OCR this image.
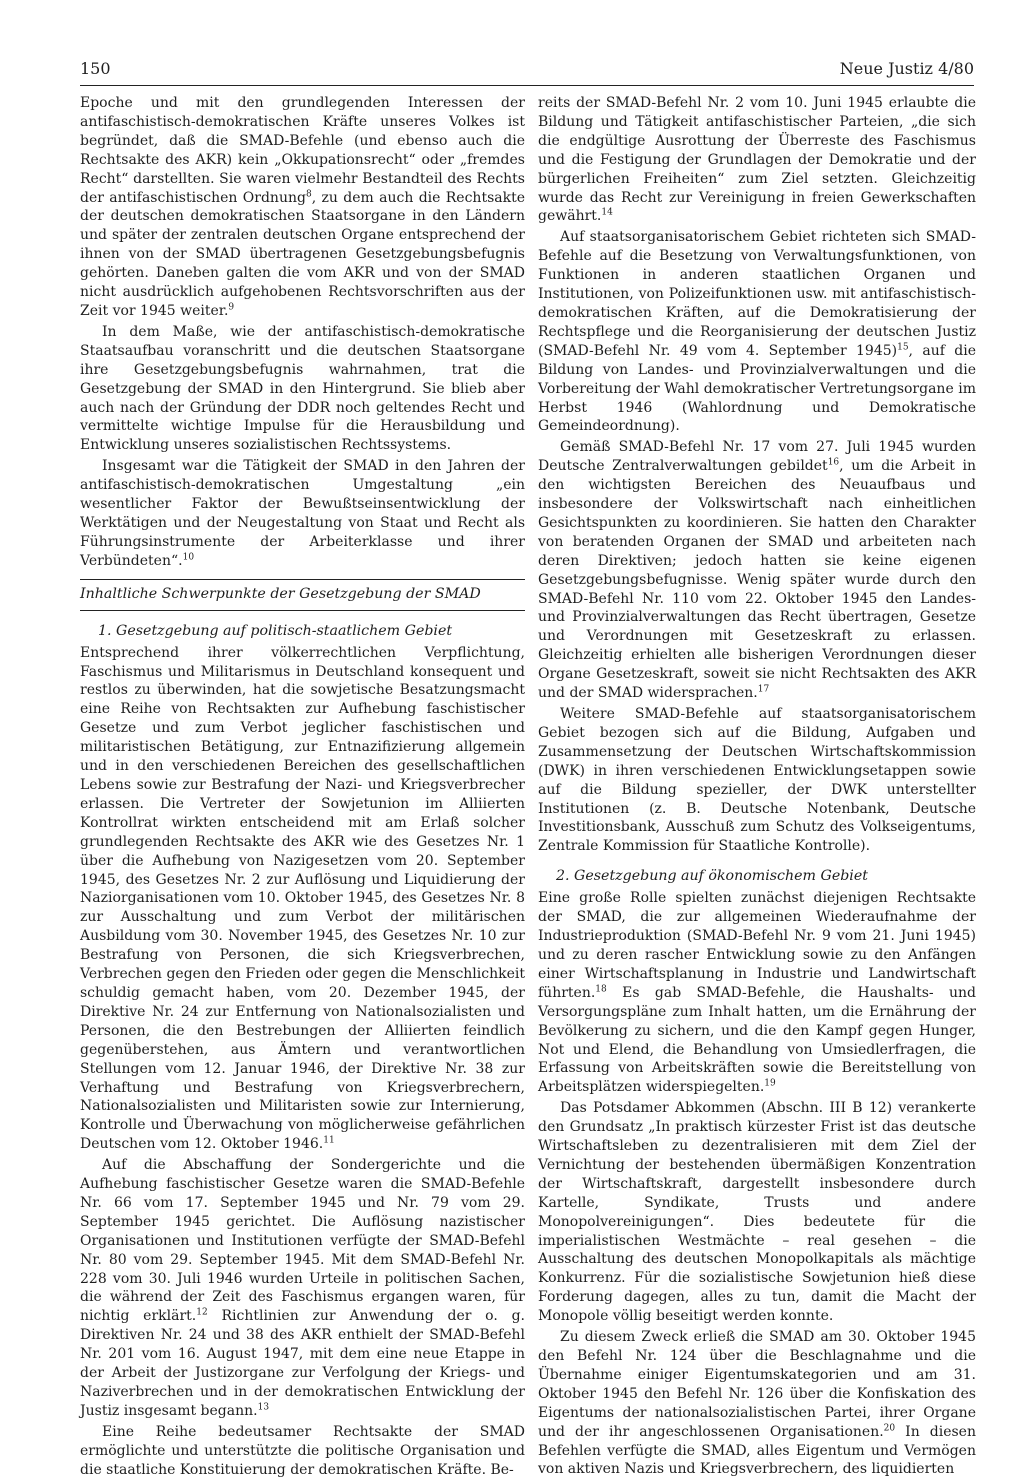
150	Neue Justiz 4/80

Epoche und mit den grundlegenden Interessen der antifaschistisch-demokratischen Kräfte unseres Volkes ist begründet, daß die SMAD-Befehle (und ebenso auch die Rechtsakte des AKR) kein „Okkupationsrecht“ oder „fremdes Recht“ darstellten. Sie waren vielmehr Bestandteil des Rechts der antifaschistischen Ordnung$^8$, zu dem auch die Rechtsakte der deutschen demokratischen Staatsorgane in den Ländern und später der zentralen deutschen Organe entsprechend der ihnen von der SMAD übertragenen Gesetzgebungsbefugnis gehörten. Daneben galten die vom AKR und von der SMAD nicht ausdrücklich aufgehobenen Rechtsvorschriften aus der Zeit vor 1945 weiter.$^9$

In dem Maße, wie der antifaschistisch-demokratische Staatsaufbau voranschritt und die deutschen Staatsorgane ihre Gesetzgebungsbefugnis wahrnahmen, trat die Gesetzgebung der SMAD in den Hintergrund. Sie blieb aber auch nach der Gründung der DDR noch geltendes Recht und vermittelte wichtige Impulse für die Herausbildung und Entwicklung unseres sozialistischen Rechtssystems.

Insgesamt war die Tätigkeit der SMAD in den Jahren der antifaschistisch-demokratischen Umgestaltung „ein wesentlicher Faktor der Bewußtseinsentwicklung der Werktätigen und der Neugestaltung von Staat und Recht als Führungsinstrumente der Arbeiterklasse und ihrer Verbündeten“.$^{10}$

Inhaltliche Schwerpunkte der Gesetzgebung der SMAD
1. Gesetzgebung auf politisch-staatlichem Gebiet

Entsprechend ihrer völkerrechtlichen Verpflichtung, Faschismus und Militarismus in Deutschland konsequent und restlos zu überwinden, hat die sowjetische Besatzungsmacht eine Reihe von Rechtsakten zur Aufhebung faschistischer Gesetze und zum Verbot jeglicher faschistischen und militaristischen Betätigung, zur Entnazifizierung allgemein und in den verschiedenen Bereichen des gesellschaftlichen Lebens sowie zur Bestrafung der Nazi- und Kriegsverbrecher erlassen. Die Vertreter der Sowjetunion im Alliierten Kontrollrat wirkten entscheidend mit am Erlaß solcher grundlegenden Rechtsakte des AKR wie des Gesetzes Nr. 1 über die Aufhebung von Nazigesetzen vom 20. September 1945, des Gesetzes Nr. 2 zur Auflösung und Liquidierung der Naziorganisationen vom 10. Oktober 1945, des Gesetzes Nr. 8 zur Ausschaltung und zum Verbot der militärischen Ausbildung vom 30. November 1945, des Gesetzes Nr. 10 zur Bestrafung von Personen, die sich Kriegsverbrechen, Verbrechen gegen den Frieden oder gegen die Menschlichkeit schuldig gemacht haben, vom 20. Dezember 1945, der Direktive Nr. 24 zur Entfernung von Nationalsozialisten und Personen, die den Bestrebungen der Alliierten feindlich gegenüberstehen, aus Ämtern und verantwortlichen Stellungen vom 12. Januar 1946, der Direktive Nr. 38 zur Verhaftung und Bestrafung von Kriegsverbrechern, Nationalsozialisten und Militaristen sowie zur Internierung, Kontrolle und Überwachung von möglicherweise gefährlichen Deutschen vom 12. Oktober 1946.11

Auf die Abschaffung der Sondergerichte und die Aufhebung faschistischer Gesetze waren die SMAD-Befehle Nr. 66 vom 17. September 1945 und Nr. 79 vom 29. September 1945 gerichtet. Die Auflösung nazistischer Organisationen und Institutionen verfügte der SMAD-Befehl Nr. 80 vom 29. September 1945. Mit dem SMAD-Befehl Nr. 228 vom 30. Juli 1946 wurden Urteile in politischen Sachen, die während der Zeit des Faschismus ergangen waren, für nichtig erklärt.$^{12}$ Richtlinien zur Anwendung der o. g. Direktiven Nr. 24 und 38 des AKR enthielt der SMAD-Befehl Nr. 201 vom 16. August 1947, mit dem eine neue Etappe in der Arbeit der Justizorgane zur Verfolgung der Kriegs- und Naziverbrechen und in der demokratischen Entwicklung der Justiz insgesamt begann.$^{13}$

Eine Reihe bedeutsamer Rechtsakte der SMAD ermöglichte und unterstützte die politische Organisation und die staatliche Konstituierung der demokratischen Kräfte. Be-

reits der SMAD-Befehl Nr. 2 vom 10. Juni 1945 erlaubte die Bildung und Tätigkeit antifaschistischer Parteien, „die sich die endgültige Ausrottung der Überreste des Faschismus und die Festigung der Grundlagen der Demokratie und der bürgerlichen Freiheiten“ zum Ziel setzten. Gleichzeitig wurde das Recht zur Vereinigung in freien Gewerkschaften gewährt.$^{14}$

Auf staatsorganisatorischem Gebiet richteten sich SMAD-Befehle auf die Besetzung von Verwaltungsfunktionen, von Funktionen in anderen staatlichen Organen und Institutionen, von Polizeifunktionen usw. mit antifaschistisch-demokratischen Kräften, auf die Demokratisierung der Rechtspflege und die Reorganisierung der deutschen Justiz (SMAD-Befehl Nr. 49 vom 4. September 1945)$^{15}$, auf die Bildung von Landes- und Provinzialverwaltungen und die Vorbereitung der Wahl demokratischer Vertretungsorgane im Herbst 1946 (Wahlordnung und Demokratische Gemeindeordnung).

Gemäß SMAD-Befehl Nr. 17 vom 27. Juli 1945 wurden Deutsche Zentralverwaltungen gebildet$^{16}$, um die Arbeit in den wichtigsten Bereichen des Neuaufbaus und insbesondere der Volkswirtschaft nach einheitlichen Gesichtspunkten zu koordinieren. Sie hatten den Charakter von beratenden Organen der SMAD und arbeiteten nach deren Direktiven; jedoch hatten sie keine eigenen Gesetzgebungsbefugnisse. Wenig später wurde durch den SMAD-Befehl Nr. 110 vom 22. Oktober 1945 den Landes- und Provinzialverwaltungen das Recht übertragen, Gesetze und Verordnungen mit Gesetzeskraft zu erlassen. Gleichzeitig erhielten alle bisherigen Verordnungen dieser Organe Gesetzeskraft, soweit sie nicht Rechtsakten des AKR und der SMAD widersprachen.$^{17}$

Weitere SMAD-Befehle auf staatsorganisatorischem Gebiet bezogen sich auf die Bildung, Aufgaben und Zusammensetzung der Deutschen Wirtschaftskommission (DWK) in ihren verschiedenen Entwicklungsetappen sowie auf die Bildung spezieller, der DWK unterstellter Institutionen (z. B. Deutsche Notenbank, Deutsche Investitionsbank, Ausschuß zum Schutz des Volkseigentums, Zentrale Kommission für Staatliche Kontrolle).

2. Gesetzgebung auf ökonomischem Gebiet

Eine große Rolle spielten zunächst diejenigen Rechtsakte der SMAD, die zur allgemeinen Wiederaufnahme der Industrieproduktion (SMAD-Befehl Nr. 9 vom 21. Juni 1945) und zu deren rascher Entwicklung sowie zu den Anfängen einer Wirtschaftsplanung in Industrie und Landwirtschaft führten.$^{18}$ Es gab SMAD-Befehle, die Haushalts- und Versorgungspläne zum Inhalt hatten, um die Ernährung der Bevölkerung zu sichern, und die den Kampf gegen Hunger, Not und Elend, die Behandlung von Umsiedlerfragen, die Erfassung von Arbeitskräften sowie die Bereitstellung von Arbeitsplätzen widerspiegelten.$^{19}$

Das Potsdamer Abkommen (Abschn. III B 12) verankerte den Grundsatz „In praktisch kürzester Frist ist das deutsche Wirtschaftsleben zu dezentralisieren mit dem Ziel der Vernichtung der bestehenden übermäßigen Konzentration der Wirtschaftskraft, dargestellt insbesondere durch Kartelle, Syndikate, Trusts und andere Monopolvereinigungen“. Dies bedeutete für die imperialistischen Westmächte – real gesehen – die Ausschaltung des deutschen Monopolkapitals als mächtige Konkurrenz. Für die sozialistische Sowjetunion hieß diese Forderung dagegen, alles zu tun, damit die Macht der Monopole völlig beseitigt werden konnte.

Zu diesem Zweck erließ die SMAD am 30. Oktober 1945 den Befehl Nr. 124 über die Beschlagnahme und die Übernahme einiger Eigentumskategorien und am 31. Oktober 1945 den Befehl Nr. 126 über die Konfiskation des Eigentums der nationalsozialistischen Partei, ihrer Organe und der ihr angeschlossenen Organisationen.$^{20}$ In diesen Befehlen verfügte die SMAD, alles Eigentum und Vermögen von aktiven Nazis und Kriegsverbrechern, des liquidierten
